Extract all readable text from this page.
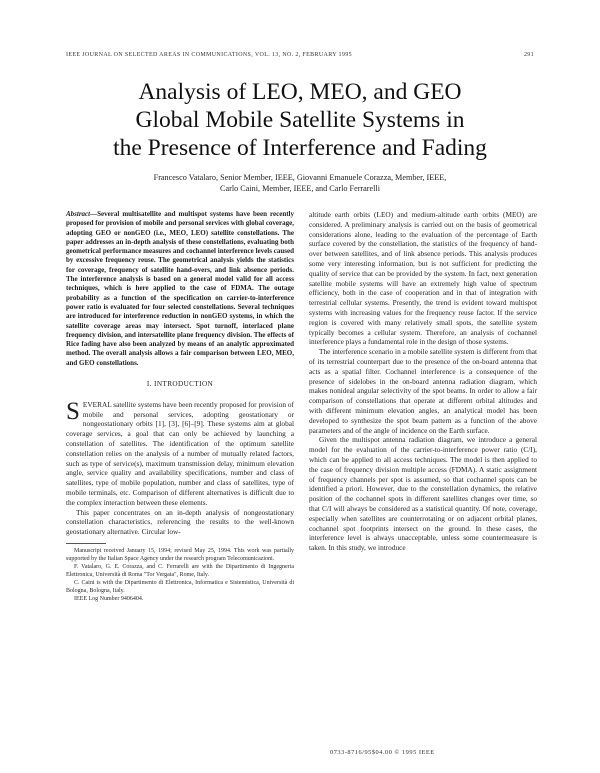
IEEE JOURNAL ON SELECTED AREAS IN COMMUNICATIONS, VOL. 13, NO. 2, FEBRUARY 1995	291
Analysis of LEO, MEO, and GEO
Global Mobile Satellite Systems in
the Presence of Interference and Fading
Francesco Vatalaro, Senior Member, IEEE, Giovanni Emanuele Corazza, Member, IEEE,
Carlo Caini, Member, IEEE, and Carlo Ferrarelli

Abstract—Several multisatellite and multispot systems have been recently proposed for provision of mobile and personal services with global coverage, adopting GEO or nonGEO (i.e., MEO, LEO) satellite constellations. The paper addresses an in-depth analysis of these constellations, evaluating both geometrical performance measures and cochannel interference levels caused by excessive frequency reuse. The geometrical analysis yields the statistics for coverage, frequency of satellite hand-overs, and link absence periods. The interference analysis is based on a general model valid for all access techniques, which is here applied to the case of FDMA. The outage probability as a function of the specification on carrier-to-interference power ratio is evaluated for four selected constellations. Several techniques are introduced for interference reduction in nonGEO systems, in which the satellite coverage areas may intersect. Spot turnoff, interlaced plane frequency division, and intersatellite plane frequency division. The effects of Rice fading have also been analyzed by means of an analytic approximated method. The overall analysis allows a fair comparison between LEO, MEO, and GEO constellations.

I. INTRODUCTION

SEVERAL satellite systems have been recently proposed for provision of mobile and personal services, adopting geostationary or nongeostationary orbits [1], [3], [6]–[9]. These systems aim at global coverage services, a goal that can only be achieved by launching a constellation of satellites. The identification of the optimum satellite constellation relies on the analysis of a number of mutually related factors, such as type of service(s), maximum transmission delay, minimum elevation angle, service quality and availability specifications, number and class of satellites, type of mobile population, number and class of satellites, type of mobile terminals, etc. Comparison of different alternatives is difficult due to the complex interaction between these elements.

This paper concentrates on an in-depth analysis of nongeostationary constellation characteristics, referencing the results to the well-known geostationary alternative. Circular low-

Manuscript received January 15, 1994; revised May 25, 1994. This work was partially supported by the Italian Space Agency under the research program Telecomunicazioni.

F. Vatalaro, G. E. Corazza, and C. Ferrarelli are with the Dipartimento di Ingegneria Elettronica, Università di Roma "Tor Vergata", Rome, Italy.

C. Caini is with the Dipartimento di Elettronica, Informatica e Sistemistica, Università di Bologna, Bologna, Italy.

IEEE Log Number 9406404.

altitude earth orbits (LEO) and medium-altitude earth orbits (MEO) are considered. A preliminary analysis is carried out on the basis of geometrical considerations alone, leading to the evaluation of the percentage of Earth surface covered by the constellation, the statistics of the frequency of hand-over between satellites, and of link absence periods. This analysis produces some very interesting information, but is not sufficient for predicting the quality of service that can be provided by the system. In fact, next generation satellite mobile systems will have an extremely high value of spectrum efficiency, both in the case of cooperation and in that of integration with terrestrial cellular systems. Presently, the trend is evident toward multispot systems with increasing values for the frequency reuse factor. If the service region is covered with many relatively small spots, the satellite system typically becomes a cellular system. Therefore, an analysis of cochannel interference plays a fundamental role in the design of those systems.

The interference scenario in a mobile satellite system is different from that of its terrestrial counterpart due to the presence of the on-board antenna that acts as a spatial filter. Cochannel interference is a consequence of the presence of sidelobes in the on-board antenna radiation diagram, which makes nonideal angular selectivity of the spot beams. In order to allow a fair comparison of constellations that operate at different orbital altitudes and with different minimum elevation angles, an analytical model has been developed to synthesize the spot beam pattern as a function of the above parameters and of the angle of incidence on the Earth surface.

Given the multispot antenna radiation diagram, we introduce a general model for the evaluation of the carrier-to-interference power ratio (C/I), which can be applied to all access techniques. The model is then applied to the case of frequency division multiple access (FDMA). A static assignment of frequency channels per spot is assumed, so that cochannel spots can be identified a priori. However, due to the constellation dynamics, the relative position of the cochannel spots in different satellites changes over time, so that C/I will always be considered as a statistical quantity. Of note, coverage, especially when satellites are counterrotating or on adjacent orbital planes, cochannel spot footprints intersect on the ground. In these cases, the interference level is always unacceptable, unless some countermeasure is taken. In this study, we introduce

0733-8716/95$04.00 © 1995 IEEE
